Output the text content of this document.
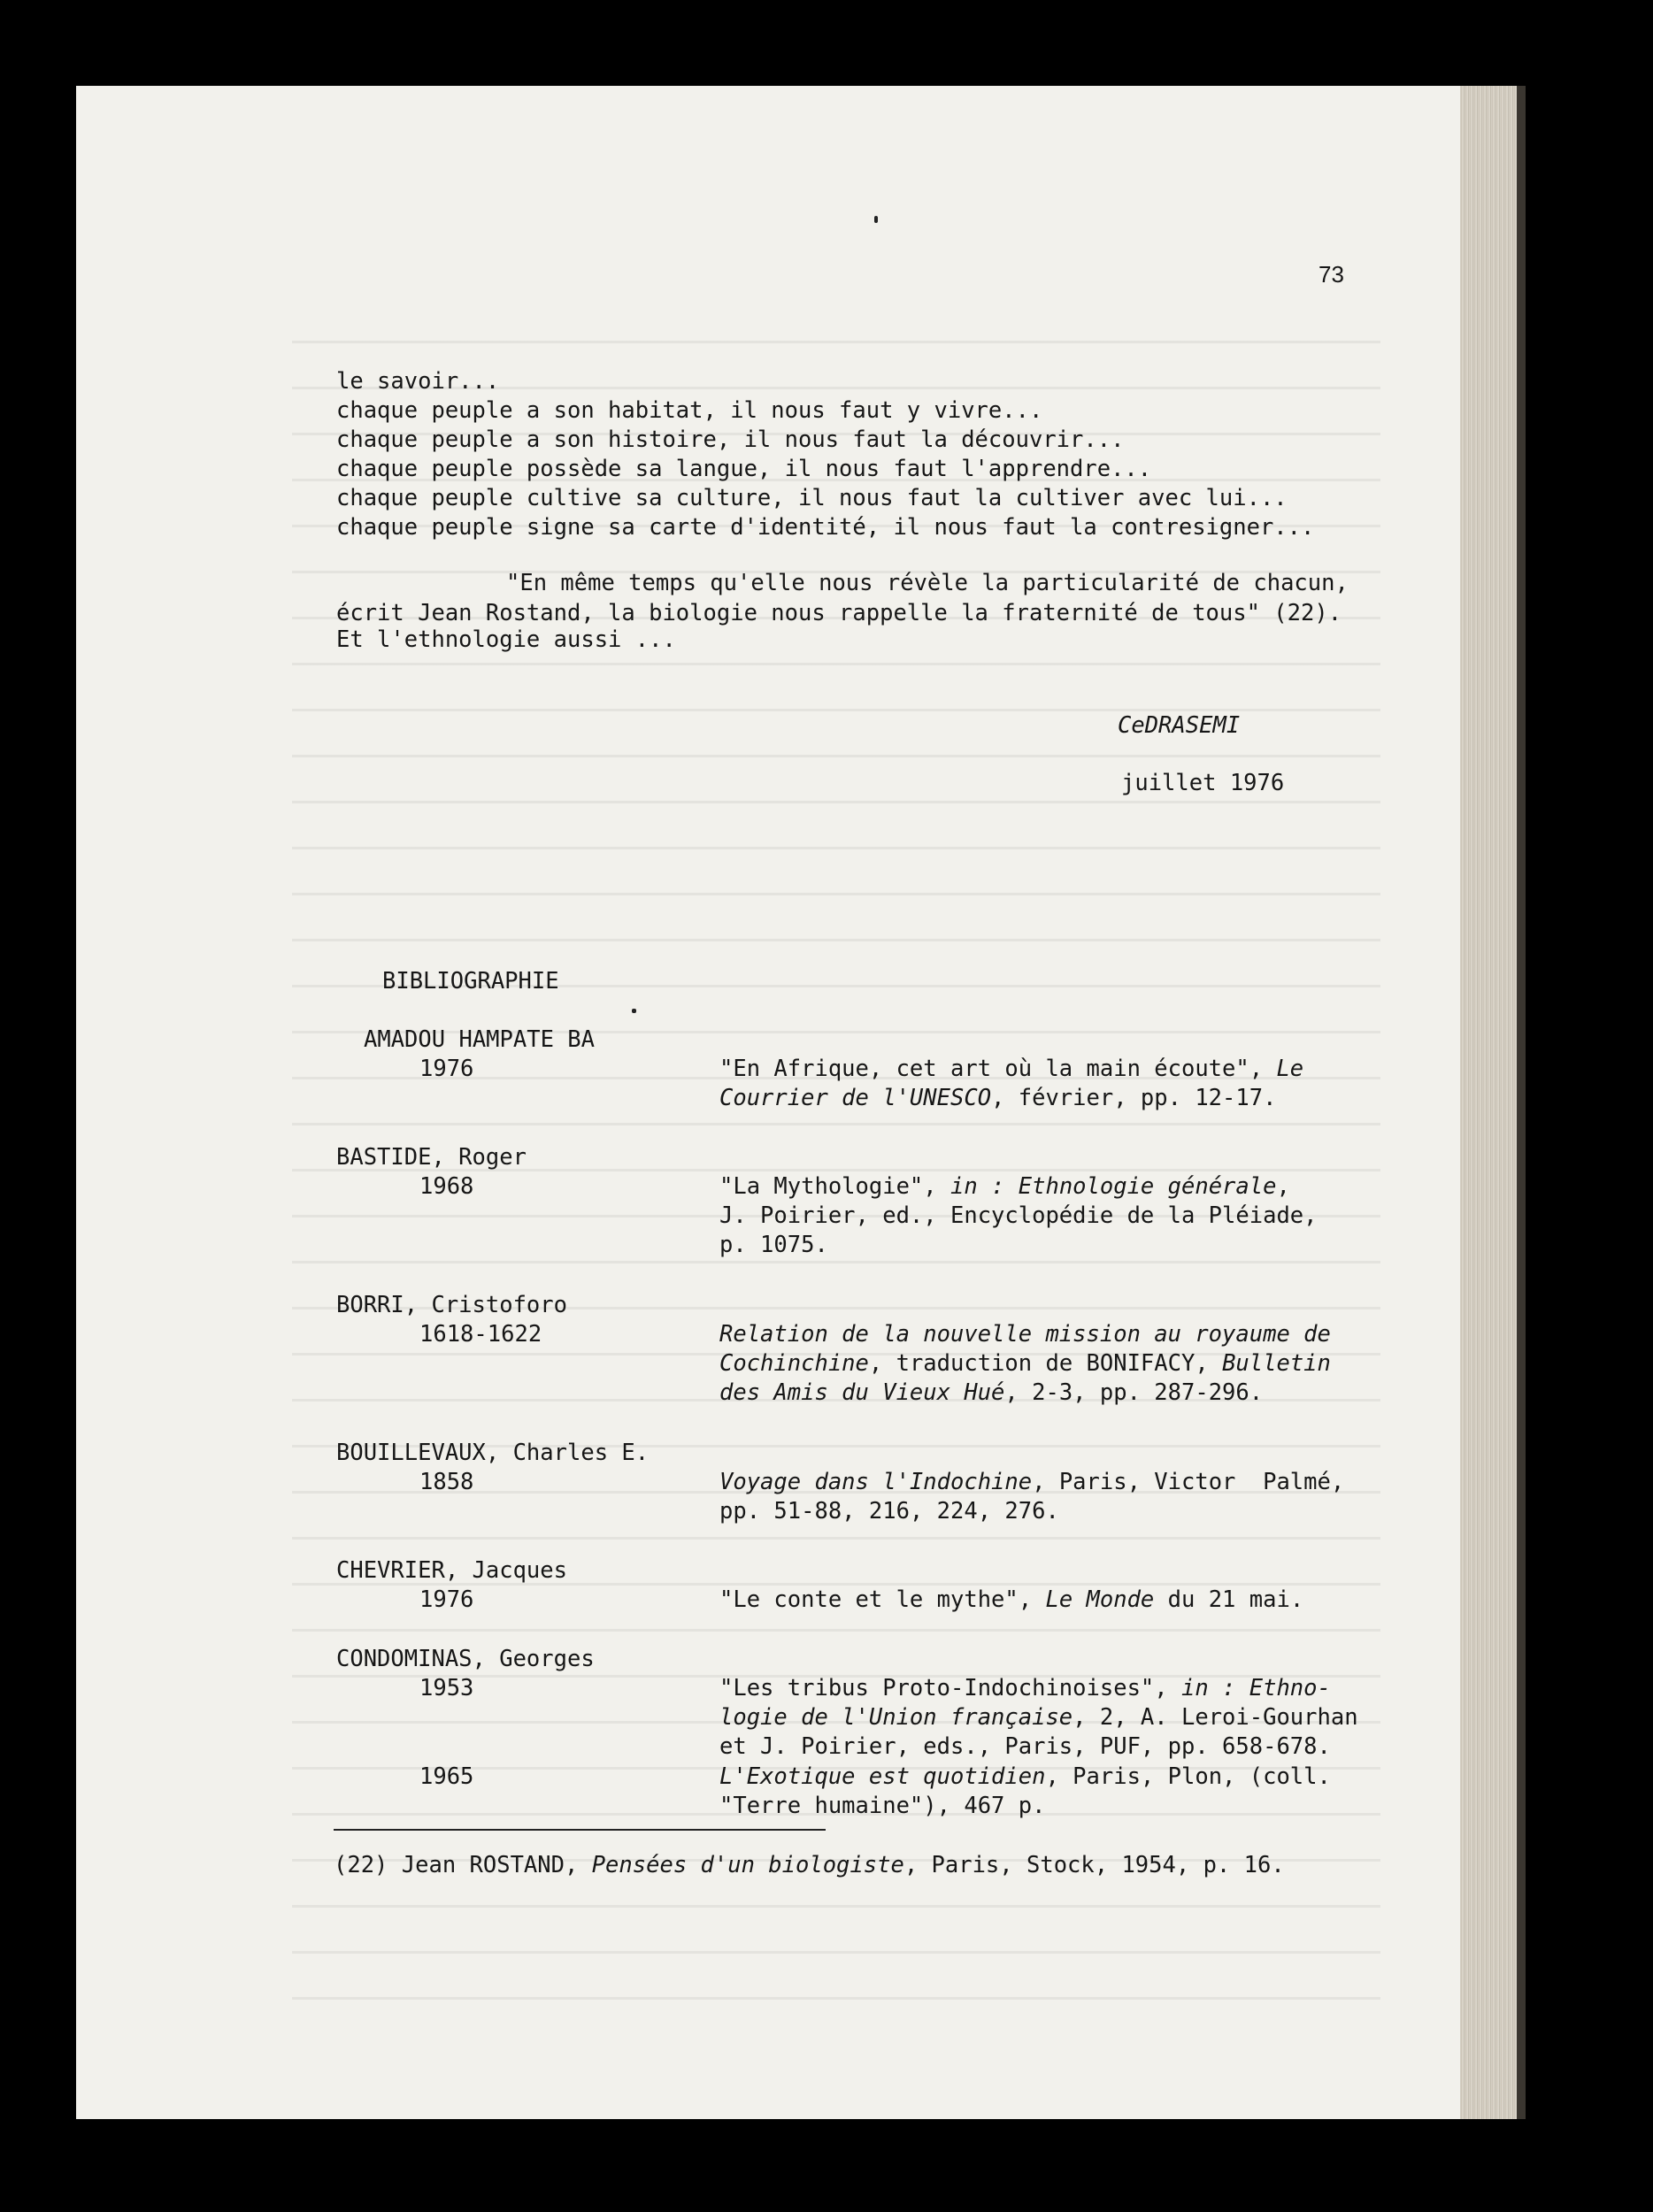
73
le savoir...
chaque peuple a son habitat, il nous faut y vivre...
chaque peuple a son histoire, il nous faut la découvrir...
chaque peuple possède sa langue, il nous faut l'apprendre...
chaque peuple cultive sa culture, il nous faut la cultiver avec lui...
chaque peuple signe sa carte d'identité, il nous faut la contresigner...
"En même temps qu'elle nous révèle la particularité de chacun,
écrit Jean Rostand, la biologie nous rappelle la fraternité de tous" (22).
Et l'ethnologie aussi ...
CeDRASEMI
juillet 1976
BIBLIOGRAPHIE
AMADOU HAMPATE BA
1976	"En Afrique, cet art où la main écoute", Le
Courrier de l'UNESCO, février, pp. 12-17.
BASTIDE, Roger
1968	"La Mythologie", in : Ethnologie générale,
J. Poirier, ed., Encyclopédie de la Pléiade,
p. 1075.
BORRI, Cristoforo
1618-1622	Relation de la nouvelle mission au royaume de
Cochinchine, traduction de BONIFACY, Bulletin
des Amis du Vieux Hué, 2-3, pp. 287-296.
BOUILLEVAUX, Charles E.
1858	Voyage dans l'Indochine, Paris, Victor  Palmé,
pp. 51-88, 216, 224, 276.
CHEVRIER, Jacques
1976	"Le conte et le mythe", Le Monde du 21 mai.
CONDOMINAS, Georges
1953	"Les tribus Proto-Indochinoises", in : Ethno-
logie de l'Union française, 2, A. Leroi-Gourhan
et J. Poirier, eds., Paris, PUF, pp. 658-678.
1965	L'Exotique est quotidien, Paris, Plon, (coll.
"Terre humaine"), 467 p.
(22) Jean ROSTAND, Pensées d'un biologiste, Paris, Stock, 1954, p. 16.
